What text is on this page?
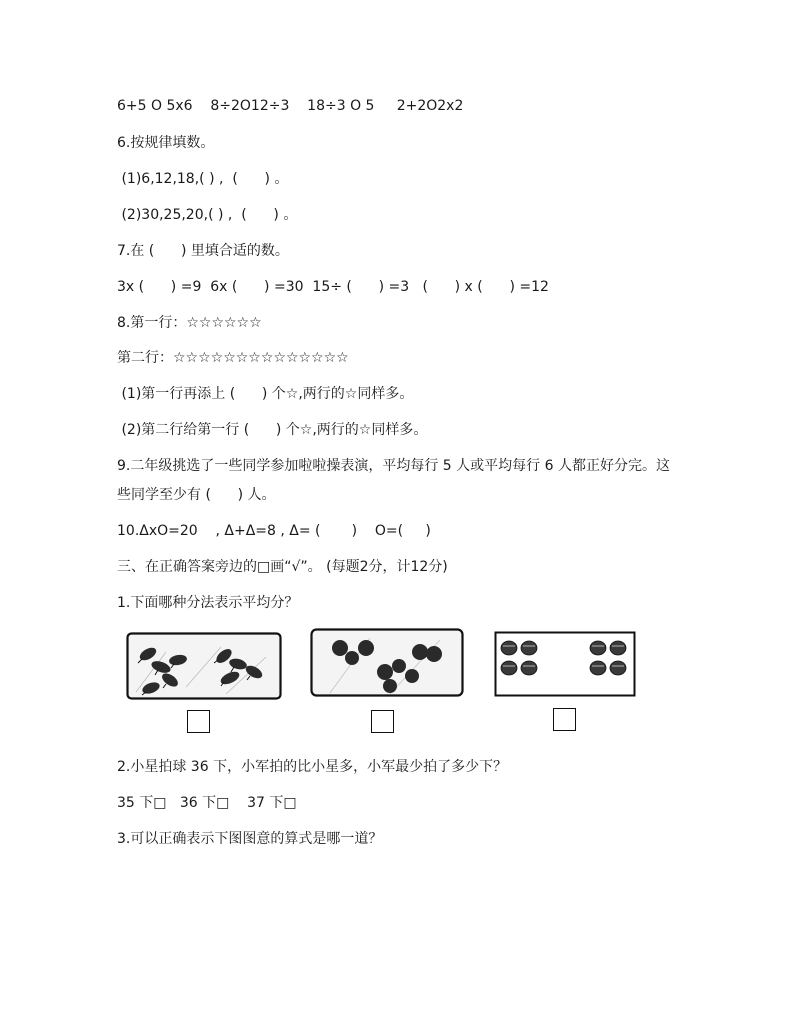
6+5 O 5x6    8÷2O12÷3    18÷3 O 5     2+2O2x2
6.按规律填数。
(1)6,12,18,( ) ,  (      ) 。
(2)30,25,20,( ) ,  (      ) 。
7.在 (      ) 里填合适的数。
3x (      ) =9  6x (      ) =30  15÷ (      ) =3   (      ) x (      ) =12
8.第一行：☆☆☆☆☆☆
第二行：☆☆☆☆☆☆☆☆☆☆☆☆☆☆
(1)第一行再添上 (      ) 个☆,两行的☆同样多。
(2)第二行给第一行 (      ) 个☆,两行的☆同样多。
9.二年级挑选了一些同学参加啦啦操表演，平均每行 5 人或平均每行 6 人都正好分完。这
些同学至少有 (      ) 人。
10.ΔxO=20    , Δ+Δ=8 , Δ= (       )    O=(     )
三、在正确答案旁边的□画“√”。 (每题2分，计12分)
1.下面哪种分法表示平均分？
2.小星拍球 36 下，小军拍的比小星多，小军最少拍了多少下？
35 下□   36 下□    37 下□
3.可以正确表示下图图意的算式是哪一道？
